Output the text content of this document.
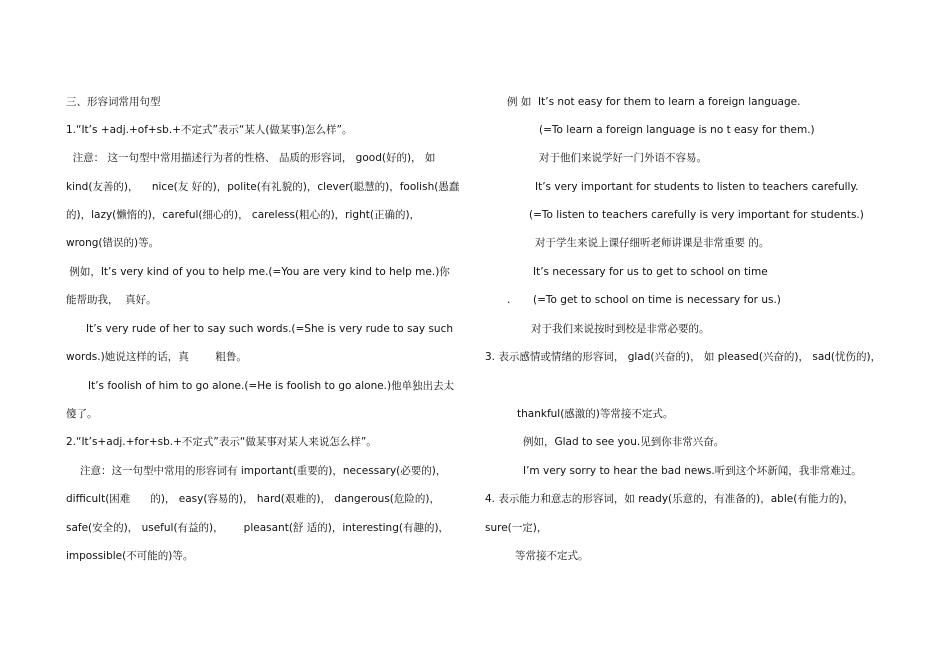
三、形容词常用句型
1.“It’s +adj.+of+sb.+不定式”表示“某人(做某事)怎么样”。
注意： 这一句型中常用描述行为者的性格、 品质的形容词， good(好的)， 如
kind(友善的)，    nice(友 好的)，polite(有礼貌的)，clever(聪慧的)，foolish(愚蠢
的)，lazy(懒惰的)，careful(细心的)， careless(粗心的)，right(正确的)，
wrong(错误的)等。
例如，It’s very kind of you to help me.(=You are very kind to help me.)你
能帮助我，  真好。
It’s very rude of her to say such words.(=She is very rude to say such
words.)她说这样的话，真        粗鲁。
It’s foolish of him to go alone.(=He is foolish to go alone.)他单独出去太
傻了。
2.“It’s+adj.+for+sb.+不定式”表示“做某事对某人来说怎么样”。
注意：这一句型中常用的形容词有 important(重要的)，necessary(必要的)，
difficult(困难      的)， easy(容易的)， hard(艰难的)， dangerous(危险的)，
safe(安全的)， useful(有益的)，      pleasant(舒 适的)，interesting(有趣的)，
impossible(不可能的)等。
例 如  It’s not easy for them to learn a foreign language.
(=To learn a foreign language is no t easy for them.)
对于他们来说学好一门外语不容易。
It’s very important for students to listen to teachers carefully.
(=To listen to teachers carefully is very important for students.)
对于学生来说上课仔细听老师讲课是非常重要 的。
It’s necessary for us to get to school on time
. (=To get to school on time is necessary for us.)
对于我们来说按时到校是非常必要的。
3. 表示感情或情绪的形容词， glad(兴奋的)， 如 pleased(兴奋的)， sad(忧伤的)，
thankful(感激的)等常接不定式。
例如，Glad to see you.见到你非常兴奋。
I’m very sorry to hear the bad news.听到这个坏新闻，我非常难过。
4. 表示能力和意志的形容词，如 ready(乐意的，有准备的)，able(有能力的)，
sure(一定)，
等常接不定式。
